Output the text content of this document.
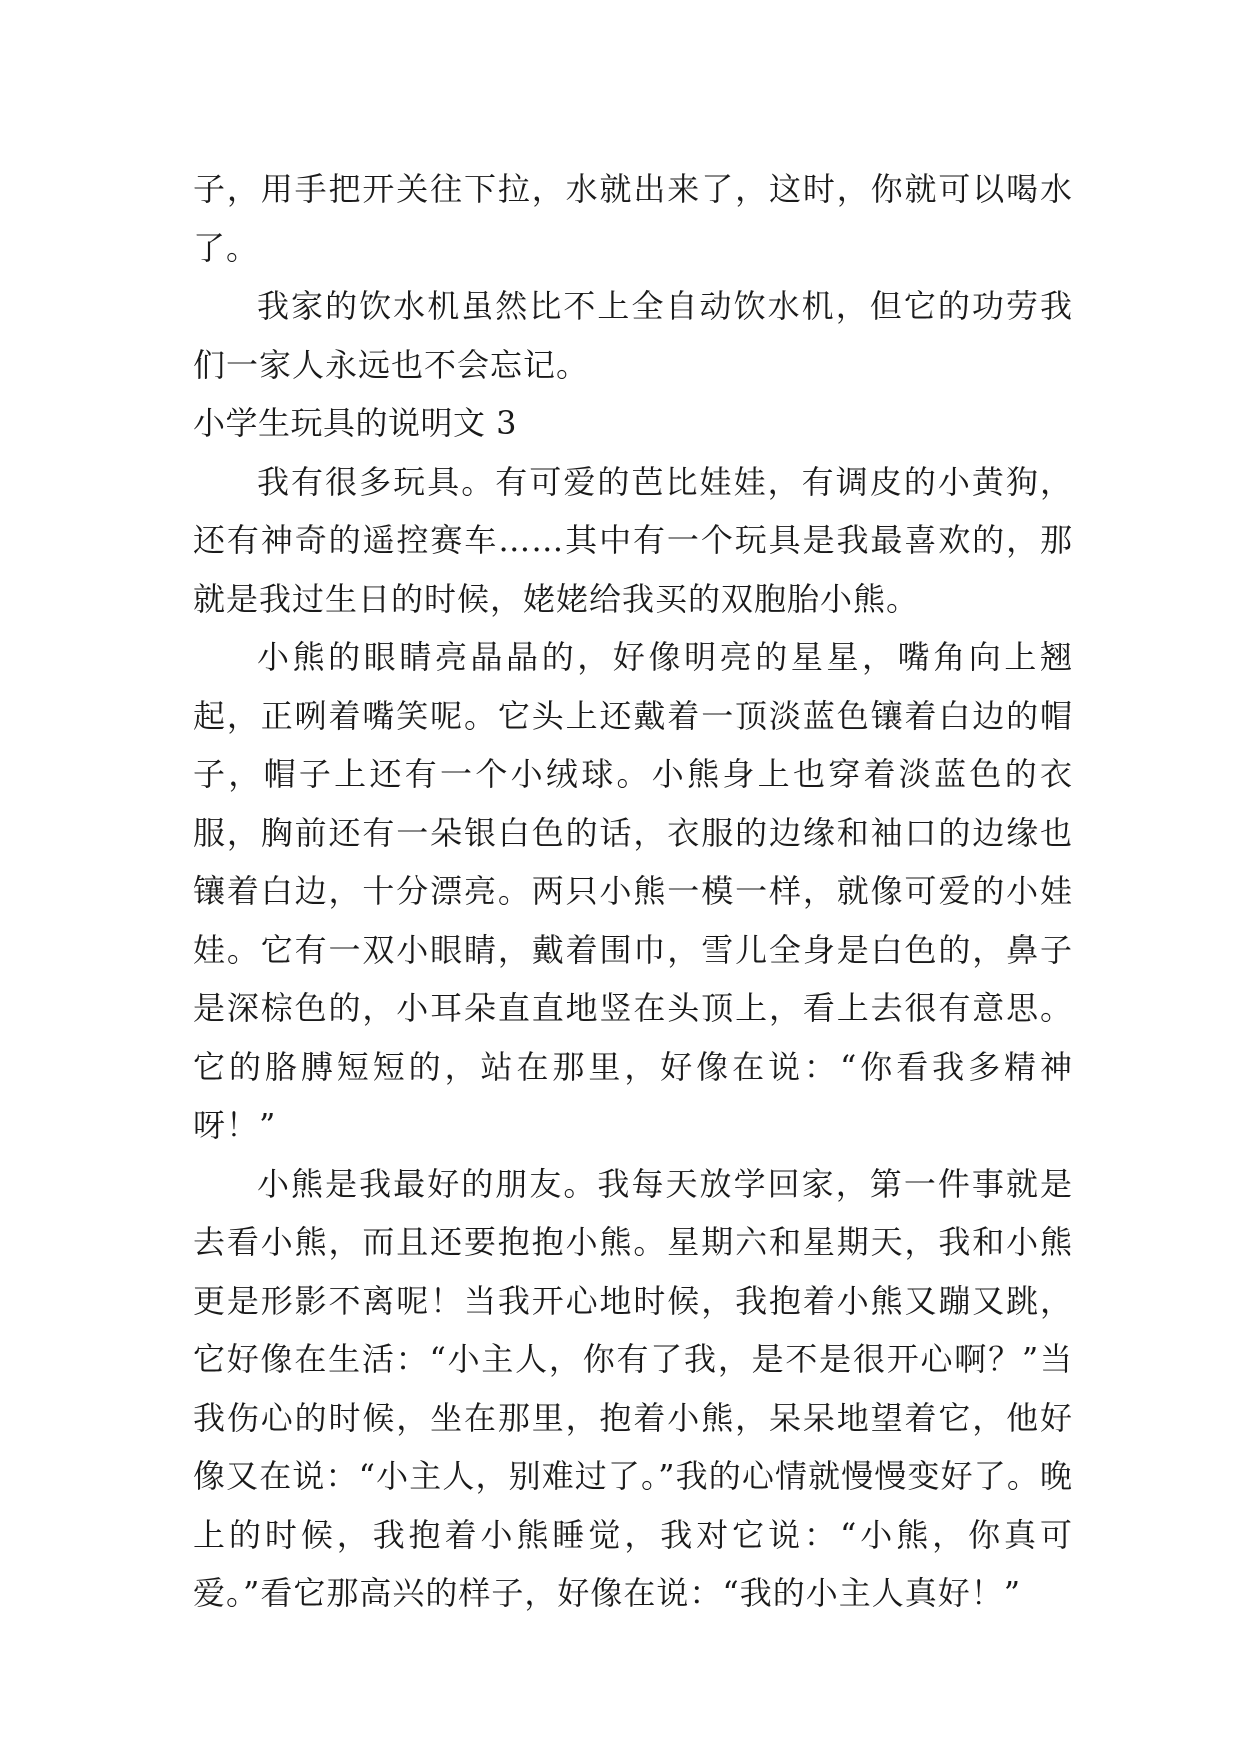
子，用手把开关往下拉，水就出来了，这时，你就可以喝水了。

我家的饮水机虽然比不上全自动饮水机，但它的功劳我们一家人永远也不会忘记。

小学生玩具的说明文 3

我有很多玩具。有可爱的芭比娃娃，有调皮的小黄狗，还有神奇的遥控赛车……其中有一个玩具是我最喜欢的，那就是我过生日的时候，姥姥给我买的双胞胎小熊。

小熊的眼睛亮晶晶的，好像明亮的星星，嘴角向上翘起，正咧着嘴笑呢。它头上还戴着一顶淡蓝色镶着白边的帽子，帽子上还有一个小绒球。小熊身上也穿着淡蓝色的衣服，胸前还有一朵银白色的话，衣服的边缘和袖口的边缘也镶着白边，十分漂亮。两只小熊一模一样，就像可爱的小娃娃。它有一双小眼睛，戴着围巾，雪儿全身是白色的，鼻子是深棕色的，小耳朵直直地竖在头顶上，看上去很有意思。它的胳膊短短的，站在那里，好像在说：“你看我多精神呀！”

小熊是我最好的朋友。我每天放学回家，第一件事就是去看小熊，而且还要抱抱小熊。星期六和星期天，我和小熊更是形影不离呢！当我开心地时候，我抱着小熊又蹦又跳，它好像在生活：“小主人，你有了我，是不是很开心啊？”当我伤心的时候，坐在那里，抱着小熊，呆呆地望着它，他好像又在说：“小主人，别难过了。”我的心情就慢慢变好了。晚上的时候，我抱着小熊睡觉，我对它说：“小熊，你真可爱。”看它那高兴的样子，好像在说：“我的小主人真好！”
